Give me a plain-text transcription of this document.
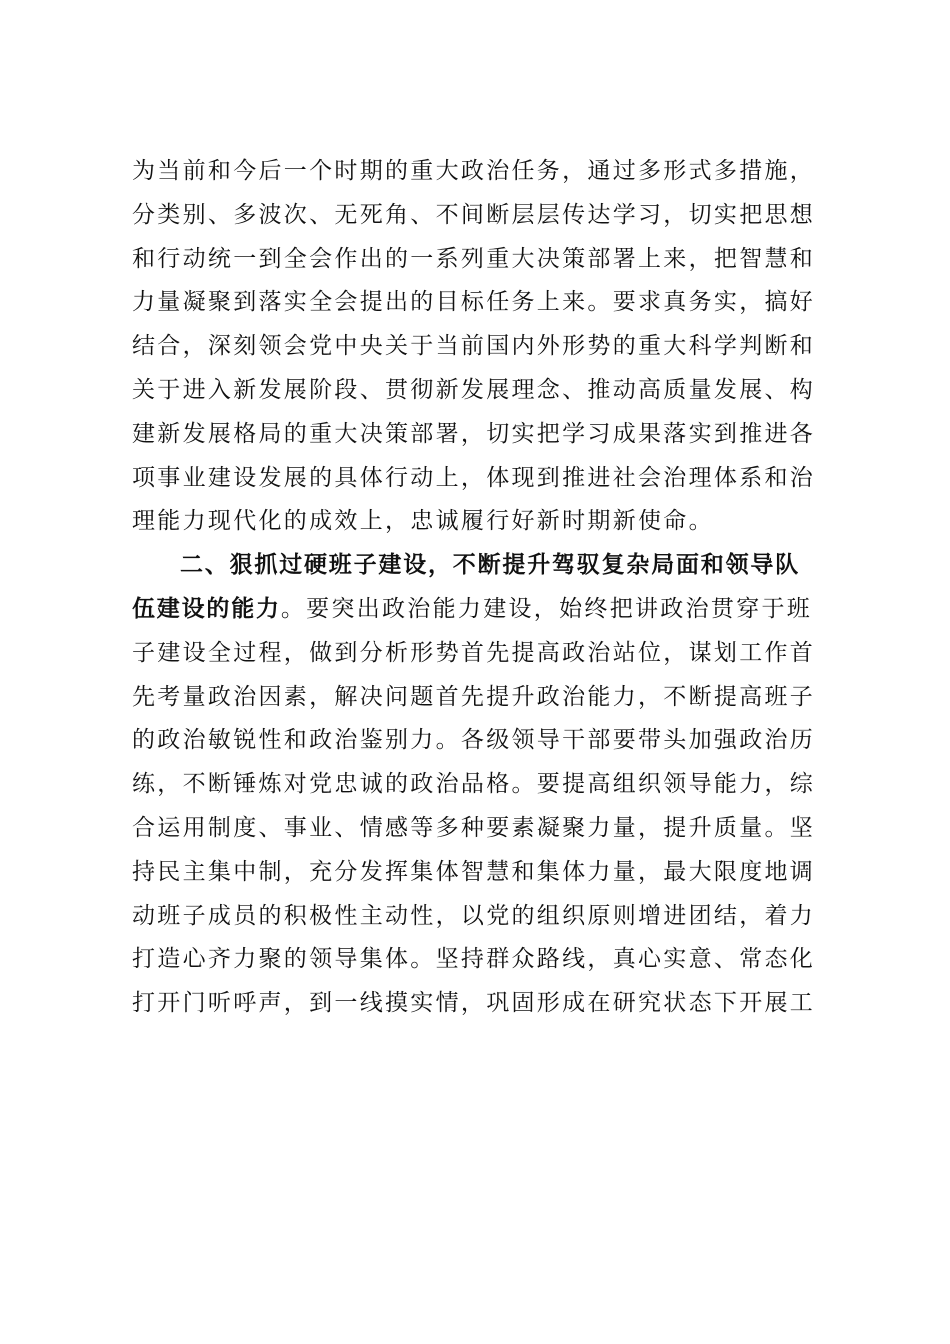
为当前和今后一个时期的重大政治任务，通过多形式多措施，
分类别、多波次、无死角、不间断层层传达学习，切实把思想
和行动统一到全会作出的一系列重大决策部署上来，把智慧和
力量凝聚到落实全会提出的目标任务上来。要求真务实，搞好
结合，深刻领会党中央关于当前国内外形势的重大科学判断和
关于进入新发展阶段、贯彻新发展理念、推动高质量发展、构
建新发展格局的重大决策部署，切实把学习成果落实到推进各
项事业建设发展的具体行动上，体现到推进社会治理体系和治
理能力现代化的成效上，忠诚履行好新时期新使命。
二、狠抓过硬班子建设，不断提升驾驭复杂局面和领导队
伍建设的能力。要突出政治能力建设，始终把讲政治贯穿于班
子建设全过程，做到分析形势首先提高政治站位，谋划工作首
先考量政治因素，解决问题首先提升政治能力，不断提高班子
的政治敏锐性和政治鉴别力。各级领导干部要带头加强政治历
练，不断锤炼对党忠诚的政治品格。要提高组织领导能力，综
合运用制度、事业、情感等多种要素凝聚力量，提升质量。坚
持民主集中制，充分发挥集体智慧和集体力量，最大限度地调
动班子成员的积极性主动性，以党的组织原则增进团结，着力
打造心齐力聚的领导集体。坚持群众路线，真心实意、常态化
打开门听呼声，到一线摸实情，巩固形成在研究状态下开展工
